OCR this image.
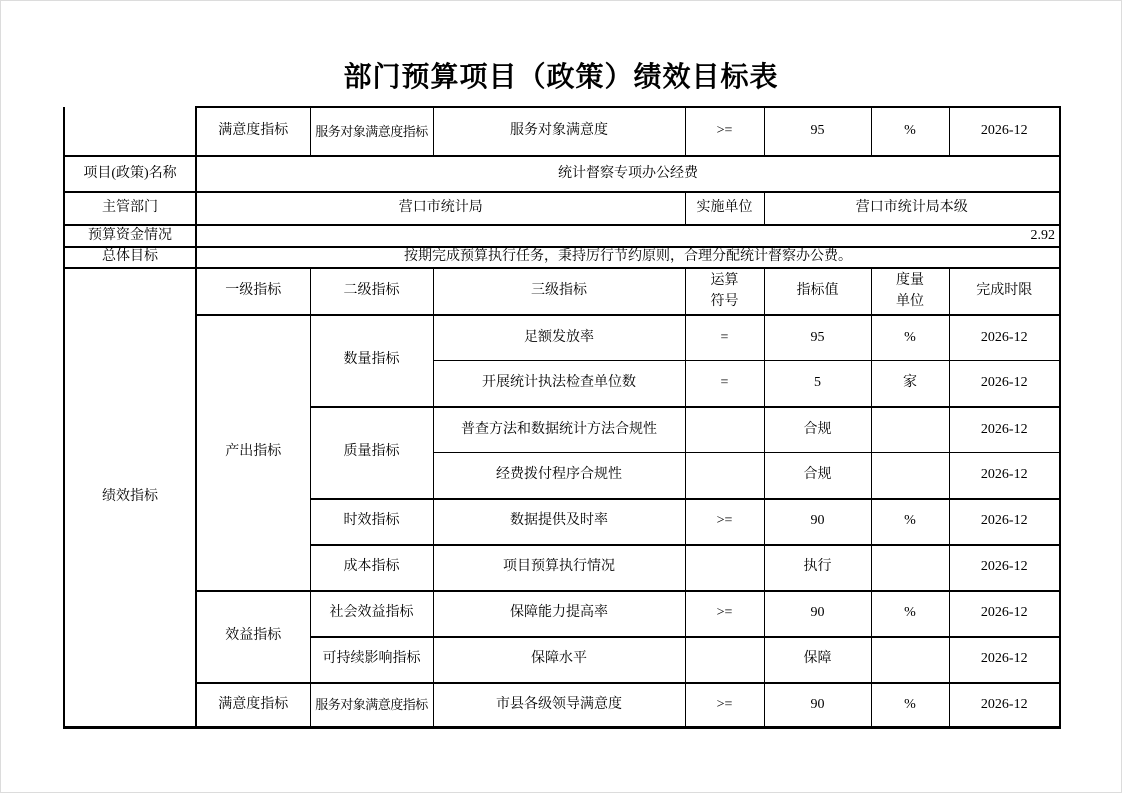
部门预算项目（政策）绩效目标表
	满意度指标	服务对象满意度指标	服务对象满意度	>=	95	%	2026-12
项目(政策)名称	统计督察专项办公经费						
主管部门	营口市统计局			实施单位	营口市统计局本级		
预算资金情况	2.92						
总体目标	按期完成预算执行任务，秉持厉行节约原则，合理分配统计督察办公费。						
绩效指标	一级指标	二级指标	三级指标	运算符号	指标值	度量单位	完成时限
	产出指标	数量指标	足额发放率	=	95	%	2026-12
			开展统计执法检查单位数	=	5	家	2026-12
		质量指标	普查方法和数据统计方法合规性		合规		2026-12
			经费拨付程序合规性		合规		2026-12
		时效指标	数据提供及时率	>=	90	%	2026-12
		成本指标	项目预算执行情况		执行		2026-12
	效益指标	社会效益指标	保障能力提高率	>=	90	%	2026-12
		可持续影响指标	保障水平		保障		2026-12
	满意度指标	服务对象满意度指标	市县各级领导满意度	>=	90	%	2026-12
